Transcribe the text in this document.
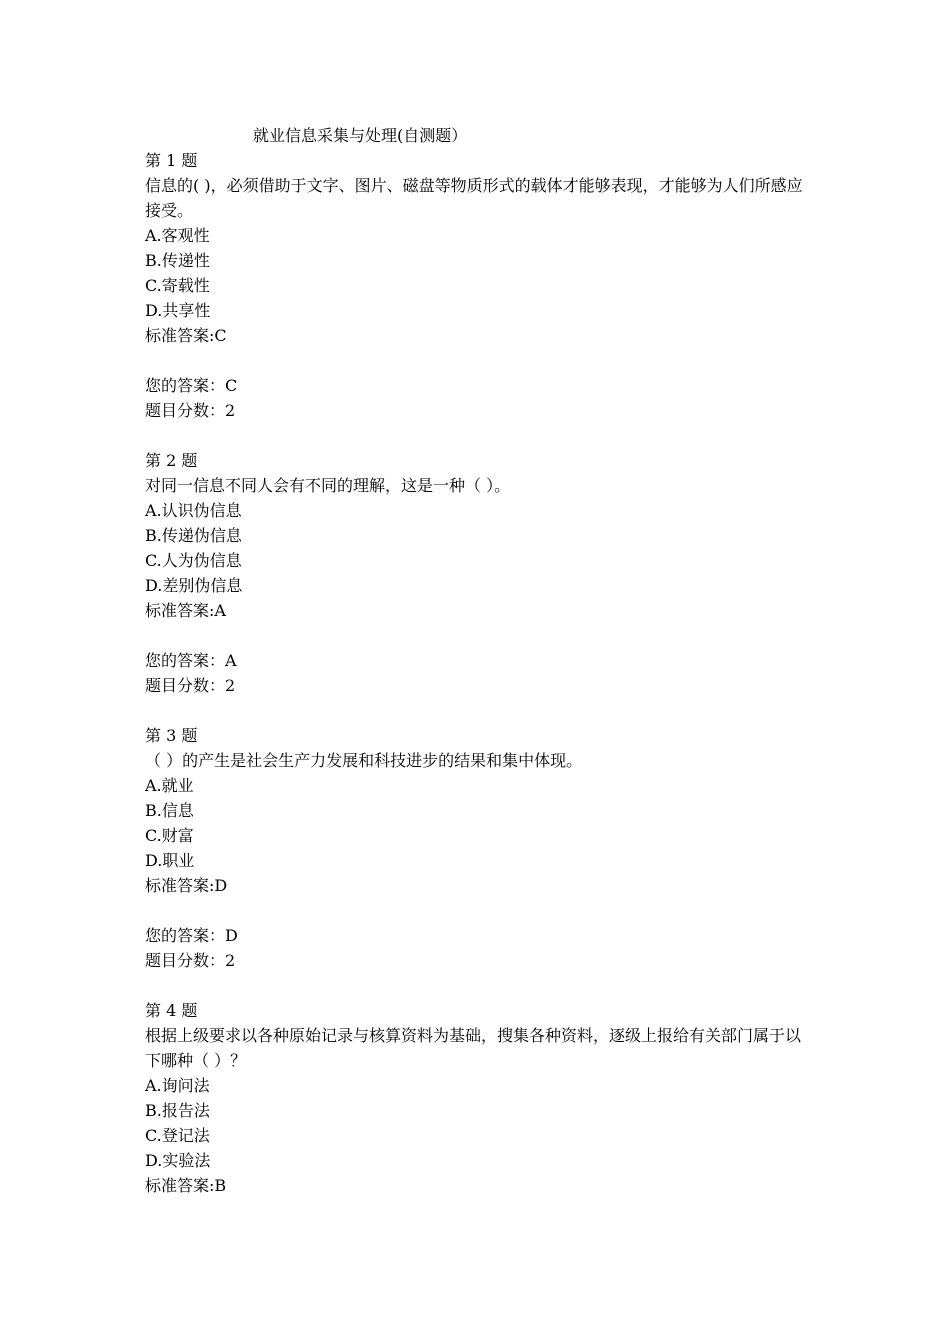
就业信息采集与处理(自测题）
第 1 题
信息的( )，必须借助于文字、图片、磁盘等物质形式的载体才能够表现，才能够为人们所感应接受。
A.客观性
B.传递性
C.寄载性
D.共享性
标准答案:C
您的答案：C
题目分数：2
第 2 题
对同一信息不同人会有不同的理解，这是一种（ ）。
A.认识伪信息
B.传递伪信息
C.人为伪信息
D.差别伪信息
标准答案:A
您的答案：A
题目分数：2
第 3 题
（ ）的产生是社会生产力发展和科技进步的结果和集中体现。
A.就业
B.信息
C.财富
D.职业
标准答案:D
您的答案：D
题目分数：2
第 4 题
根据上级要求以各种原始记录与核算资料为基础，搜集各种资料，逐级上报给有关部门属于以下哪种（ ）？
A.询问法
B.报告法
C.登记法
D.实验法
标准答案:B
